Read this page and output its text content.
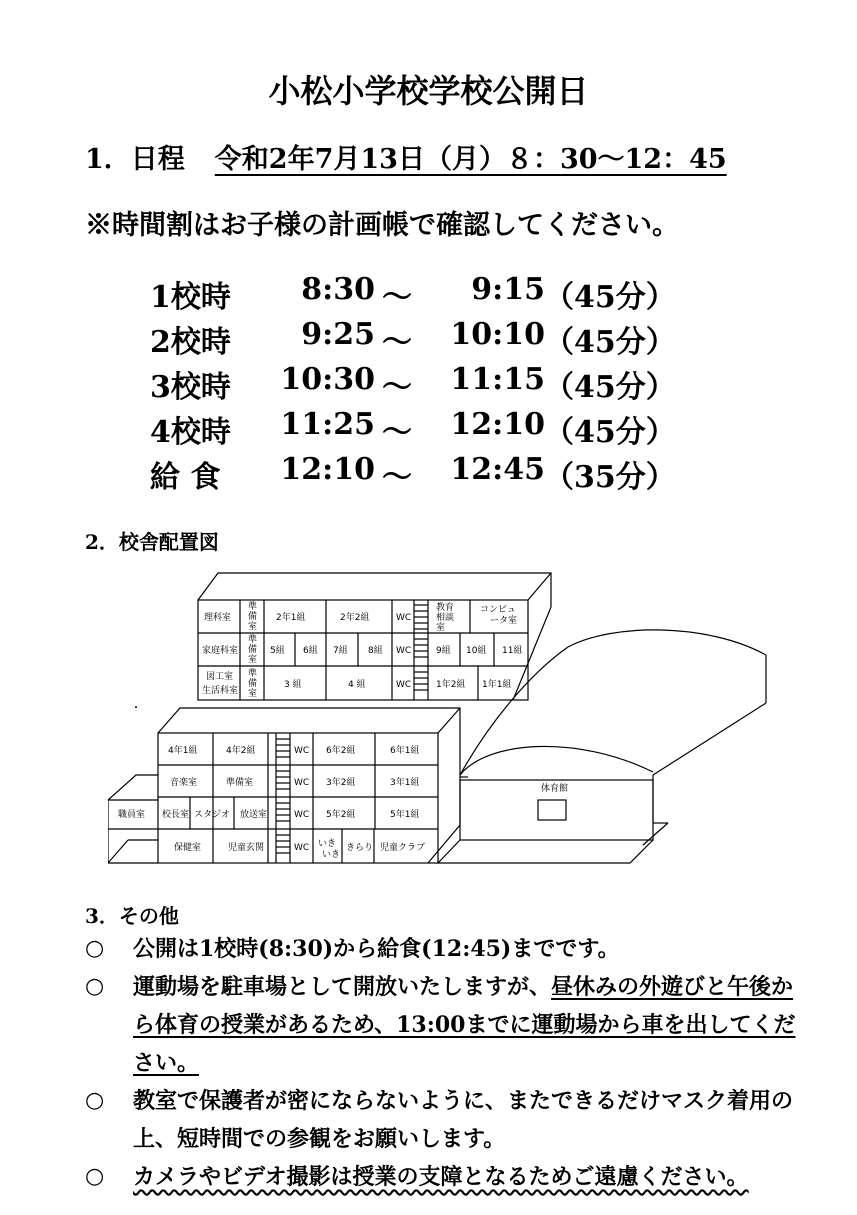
小松小学校学校公開日
1．日程 令和2年7月13日（月）８：30〜12：45
※時間割はお子様の計画帳で確認してください。
1校時	8:30 〜	9:15 （45分）
2校時	9:25 〜 10:10 （45分）
3校時	10:30 〜 11:15 （45分）
4校時	11:25 〜 12:10 （45分）
給 食	12:10 〜 12:45 （35分）
2．校舎配置図
理科室
準
備
室
2年1組	2年2組	WC
教育
相談
室
コンピュ
ータ室
家庭科室
準
備
室
5組 6組 7組 8組 WC	9組 10組 11組
図工室
生活科室
準
備
室
3 組	4 組	WC	1年2組 1年1組
4年1組	4年2組	WC 6年2組	6年1組
音楽室	準備室	WC 3年2組	3年1組
職員室 校長室 スタジオ 放送室	WC 5年2組	5年1組
保健室	児童玄関	WC いき
いき
きらり 児童クラブ
体育館
3．その他
○	公開は1校時(8:30)から給食(12:45)までです。
○	運動場を駐車場として開放いたしますが、昼休みの外遊びと午後から体育の授業があるため、13:00までに運動場から車を出してください。
○	教室で保護者が密にならないように、またできるだけマスク着用の上、短時間での参観をお願いします。
○	カメラやビデオ撮影は授業の支障となるためご遠慮ください。
